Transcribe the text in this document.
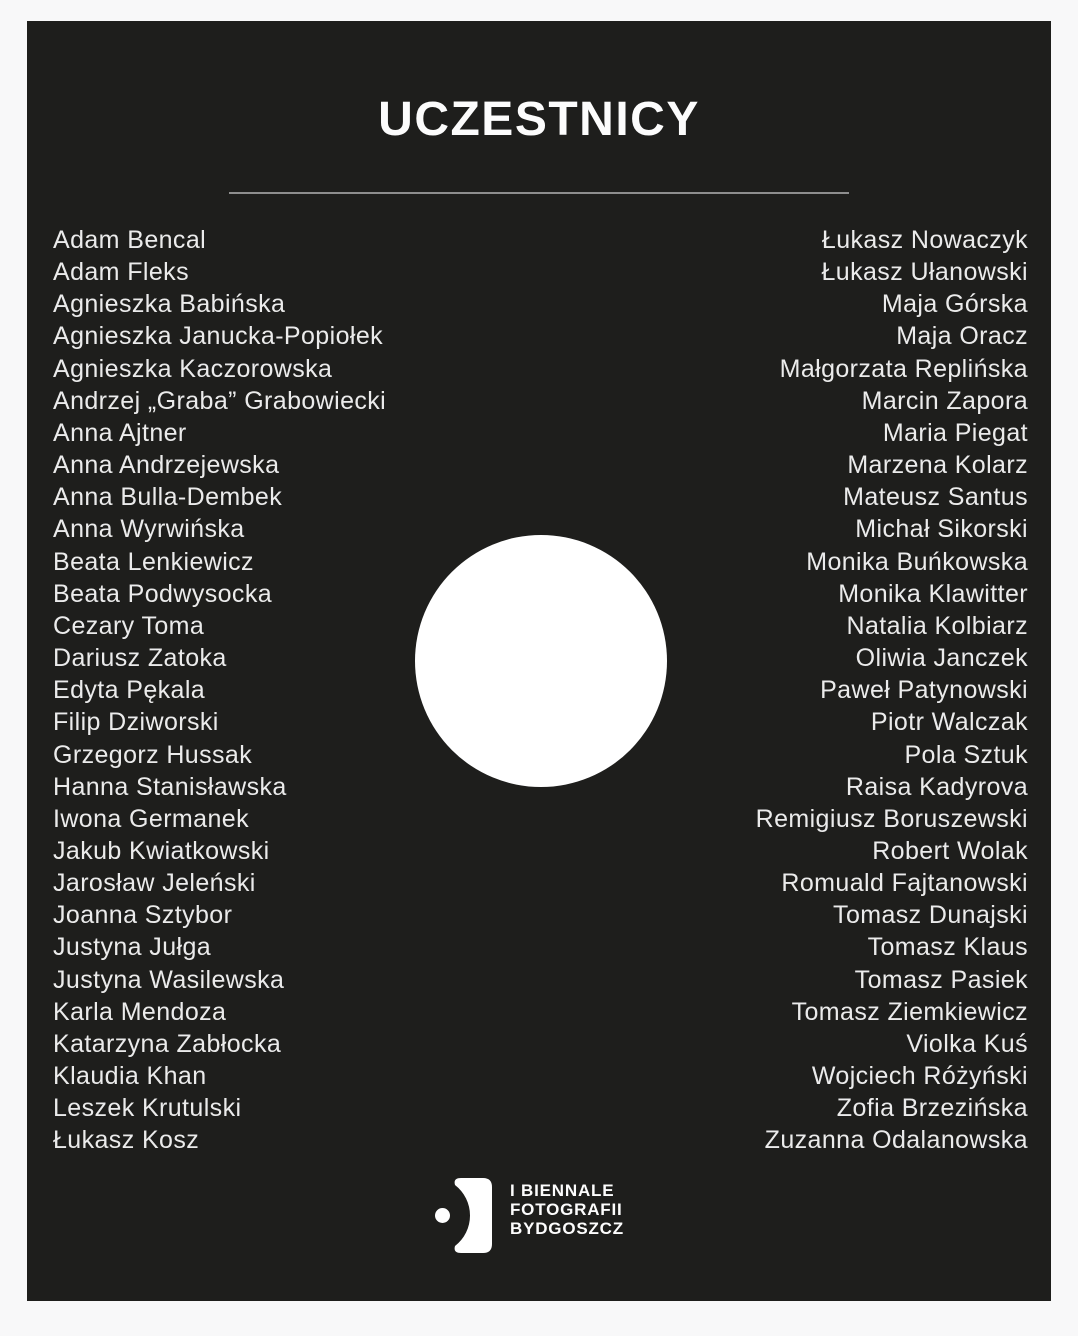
UCZESTNICY
Adam Bencal
Adam Fleks
Agnieszka Babińska
Agnieszka Janucka-Popiołek
Agnieszka Kaczorowska
Andrzej „Graba” Grabowiecki
Anna Ajtner
Anna Andrzejewska
Anna Bulla-Dembek
Anna Wyrwińska
Beata Lenkiewicz
Beata Podwysocka
Cezary Toma
Dariusz Zatoka
Edyta Pękala
Filip Dziworski
Grzegorz Hussak
Hanna Stanisławska
Iwona Germanek
Jakub Kwiatkowski
Jarosław Jeleński
Joanna Sztybor
Justyna Jułga
Justyna Wasilewska
Karla Mendoza
Katarzyna Zabłocka
Klaudia Khan
Leszek Krutulski
Łukasz Kosz
Łukasz Nowaczyk
Łukasz Ułanowski
Maja Górska
Maja Oracz
Małgorzata Replińska
Marcin Zapora
Maria Piegat
Marzena Kolarz
Mateusz Santus
Michał Sikorski
Monika Buńkowska
Monika Klawitter
Natalia Kolbiarz
Oliwia Janczek
Paweł Patynowski
Piotr Walczak
Pola Sztuk
Raisa Kadyrova
Remigiusz Boruszewski
Robert Wolak
Romuald Fajtanowski
Tomasz Dunajski
Tomasz Klaus
Tomasz Pasiek
Tomasz Ziemkiewicz
Violka Kuś
Wojciech Różyński
Zofia Brzezińska
Zuzanna Odalanowska
I BIENNALE
FOTOGRAFII
BYDGOSZCZ
